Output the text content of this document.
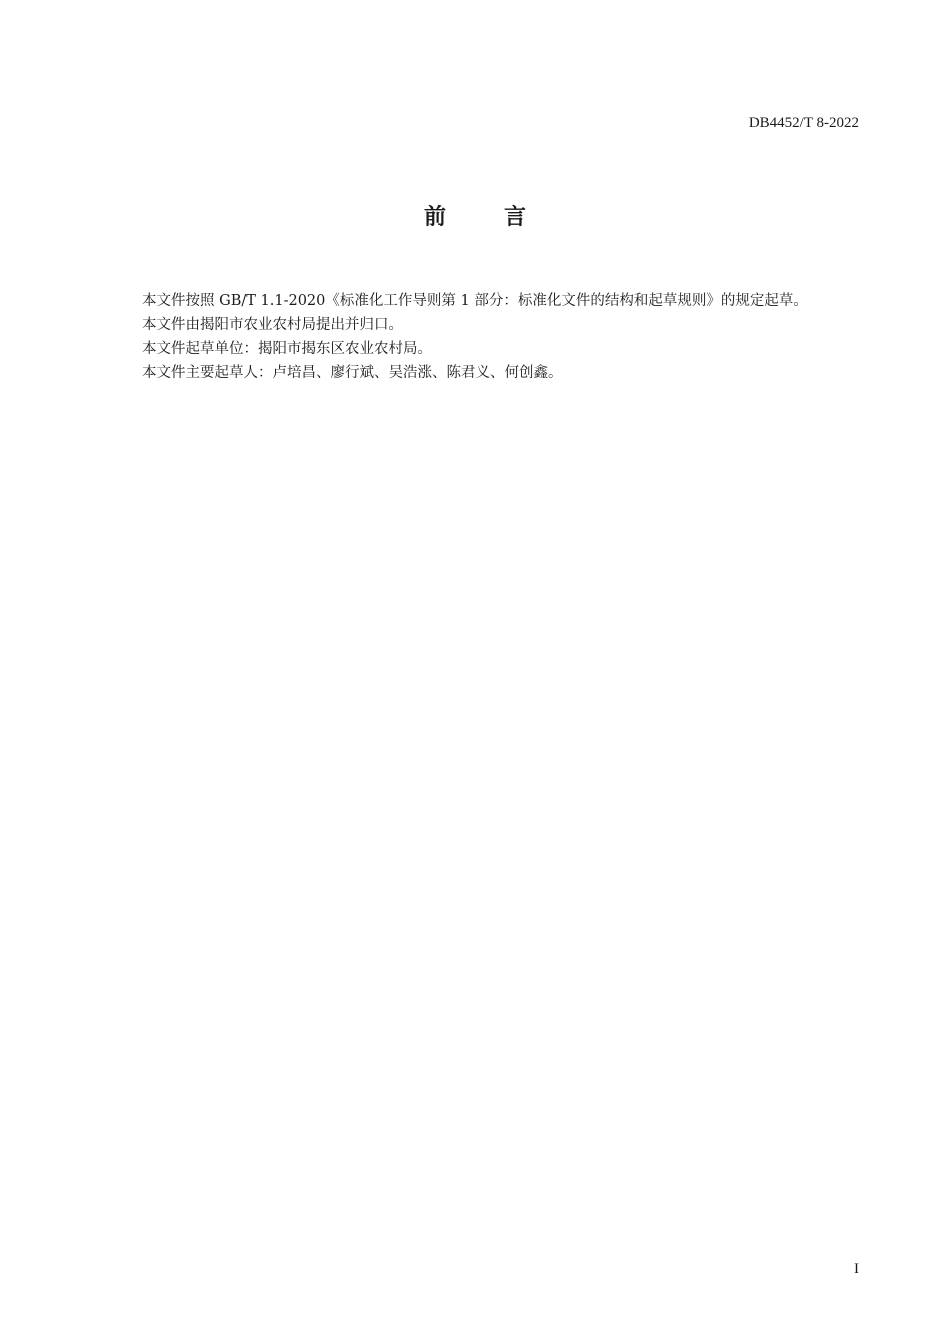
DB4452/T 8-2022
前言

本文件按照 GB/T 1.1-2020《标准化工作导则第 1 部分：标准化文件的结构和起草规则》的规定起草。

本文件由揭阳市农业农村局提出并归口。

本文件起草单位：揭阳市揭东区农业农村局。

本文件主要起草人：卢培昌、廖行斌、吴浩涨、陈君义、何创鑫。

I
